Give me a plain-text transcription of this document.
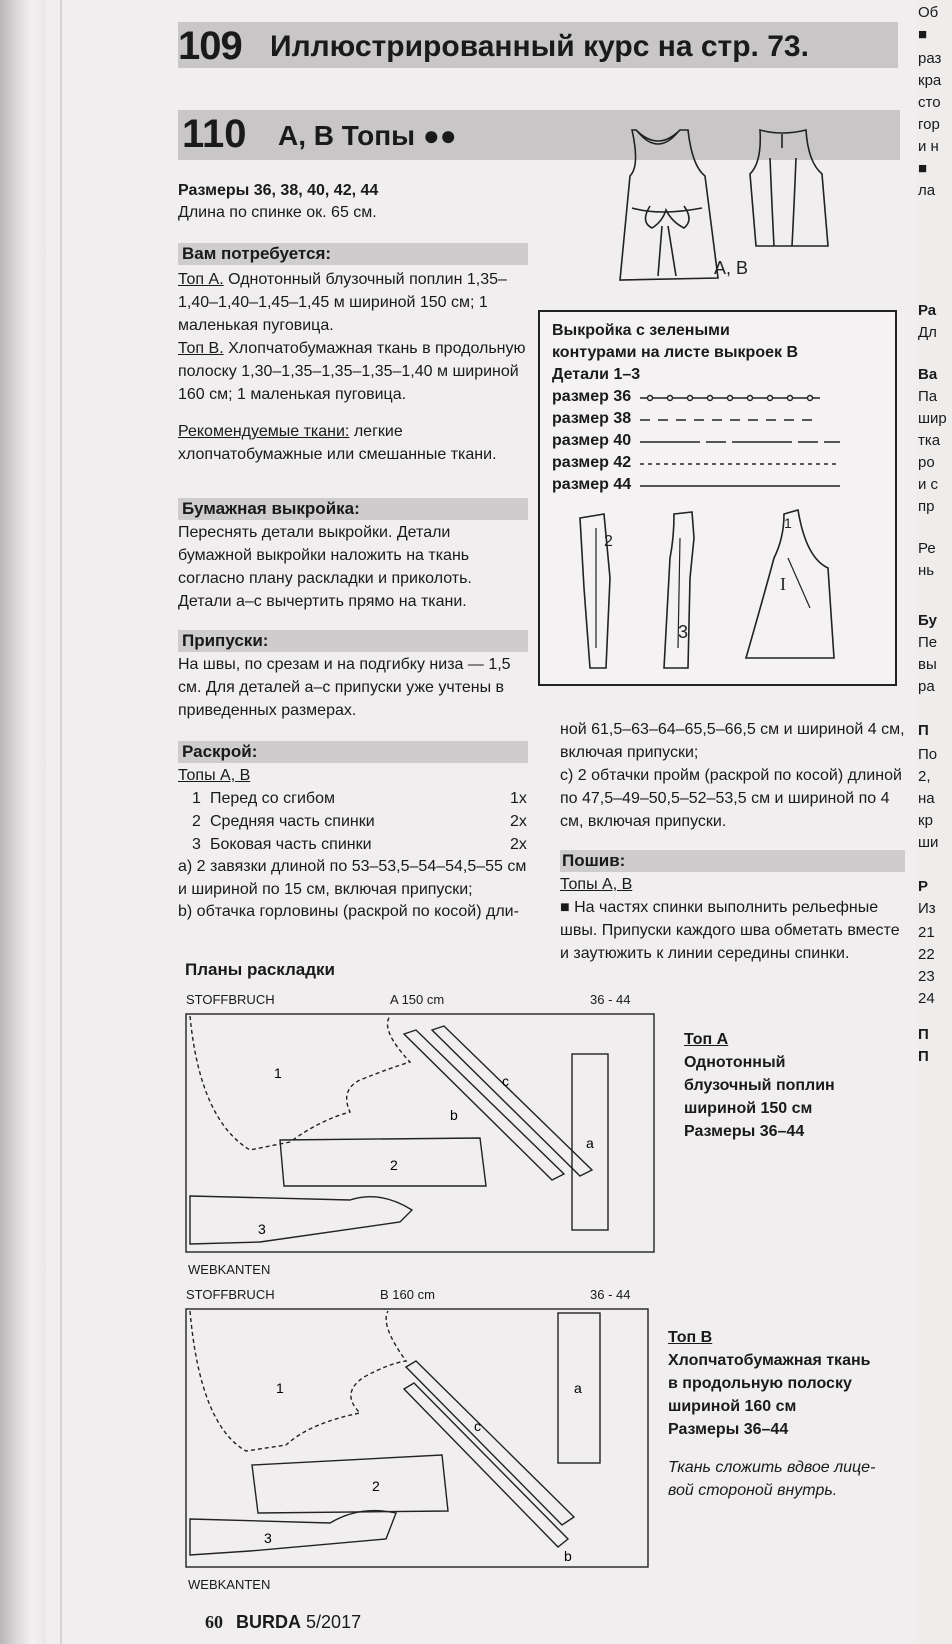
109 Иллюстрированный курс на стр. 73.
110 A, B Топы ●●
Размеры 36, 38, 40, 42, 44
Длина по спинке ок. 65 см.
Вам потребуется:
Топ A. Однотонный блузочный поплин 1,35–1,40–1,40–1,45–1,45 м шириной 150 см; 1 маленькая пуговица.
Топ B. Хлопчатобумажная ткань в продольную полоску 1,30–1,35–1,35–1,35–1,40 м шириной 160 см; 1 маленькая пуговица.
Рекомендуемые ткани: легкие хлопчатобумажные или смешанные ткани.
Бумажная выкройка:
Переснять детали выкройки. Детали бумажной выкройки наложить на ткань согласно плану раскладки и приколоть. Детали a–c вычертить прямо на ткани.
Припуски:
На швы, по срезам и на подгибку низа — 1,5 см. Для деталей a–c припуски уже учтены в приведенных размерах.
Раскрой:
Топы A, B
1 Перед со сгибом	1x
2 Средняя часть спинки	2x
3 Боковая часть спинки	2x
a) 2 завязки длиной по 53–53,5–54–54,5–55 см и шириной по 15 см, включая припуски;
b) обтачка горловины (раскрой по косой) дли-
ной 61,5–63–64–65,5–66,5 см и шириной 4 см, включая припуски;
c) 2 обтачки пройм (раскрой по косой) длиной по 47,5–49–50,5–52–53,5 см и шириной по 4 см, включая припуски.
Пошив:
Топы A, B
■ На частях спинки выполнить рельефные швы. Припуски каждого шва обметать вместе и заутюжить к линии середины спинки.
A, B
Выкройка с зелеными
контурами на листе выкроек B
Детали 1–3
размер 36
размер 38
размер 40
размер 42
размер 44
2
3
I
1
Планы раскладки
STOFFBRUCH	A 150 cm	36 - 44
1
2
3
a
b
c
WEBKANTEN
Топ A
Однотонный
блузочный поплин
шириной 150 см
Размеры 36–44
STOFFBRUCH	B 160 cm	36 - 44
1
2
3
a
b
c
WEBKANTEN
Топ B
Хлопчатобумажная ткань
в продольную полоску
шириной 160 см
Размеры 36–44
Ткань сложить вдвое лице-
вой стороной внутрь.
Об
■
раз
кра
сто
гор
и н
■
ла
Ра
Дл
Ва
Па
шир
тка
ро
и с
пр
Ре
нь
Бу
Пе
вы
ра
П
По
2,
на
кр
ши
Р
Из
21
22
23
24
П
П
60 BURDA 5/2017
